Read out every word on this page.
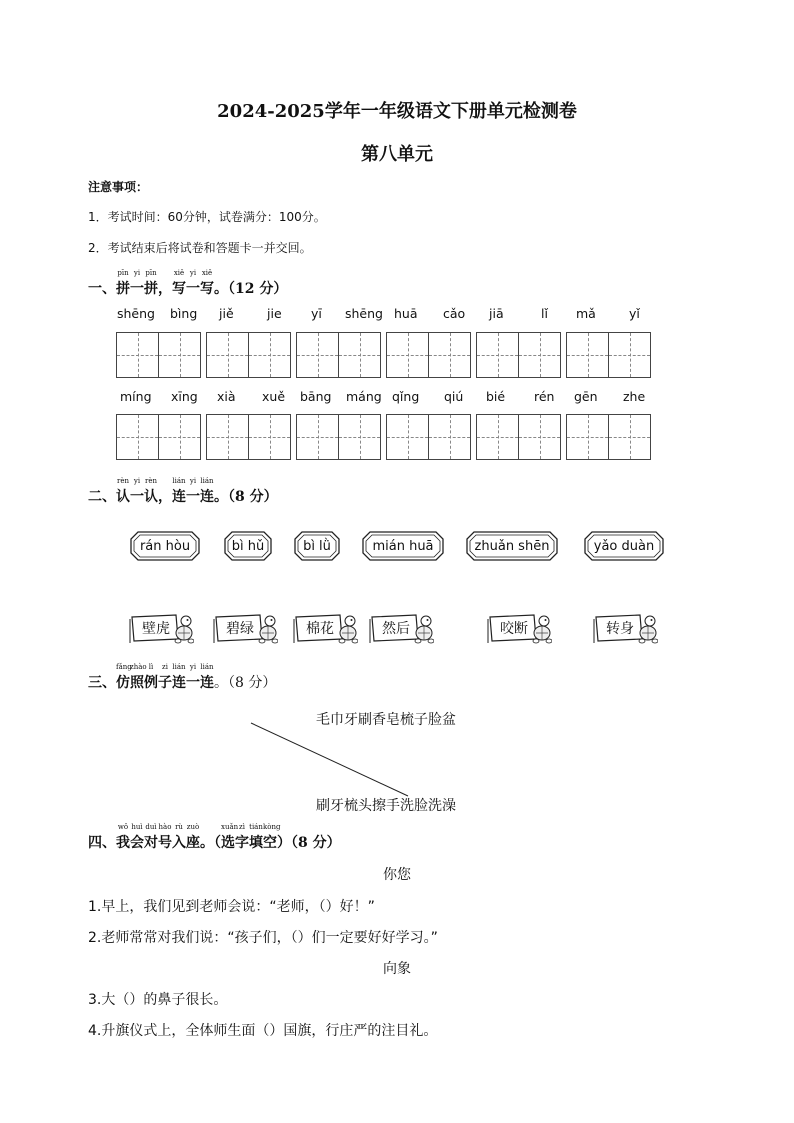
2024-2025学年一年级语文下册单元检测卷
第八单元
注意事项：
1．考试时间：60分钟，试卷满分：100分。
2．考试结束后将试卷和答题卡一并交回。
一、拼
pīn
一
yi
拼
pīn
，写
xiě
一
yi
写
xiě
。（12 分）
二、认
rèn
一
yi
认
rèn
，连
lián
一
yi
连
lián
。（8 分）
rán hòu	bì hǔ	bì lǜ	mián huā	zhuǎn shēn	yǎo duàn
壁虎	碧绿	棉花	然后	咬断	转身
三、仿
fǎng
照
zhào
例
lì
子
zi
连
lián
一
yi
连
lián
。（8 分）
毛巾牙刷香皂梳子脸盆
刷牙梳头擦手洗脸洗澡
四、我
wǒ
会
huì
对
duì
号
hào
入
rù
座
zuò
。（选
xuǎn
字
zì
填
tián
空
kòng
）（8 分）
你您
1.早上，我们见到老师会说：“老师，（）好！”
2.老师常常对我们说：“孩子们，（）们一定要好好学习。”
向象
3.大（）的鼻子很长。
4.升旗仪式上，全体师生面（）国旗，行庄严的注目礼。
shēng bìng jiě	jie yī shēng huā cǎo jiā	lǐ mǎ	yǐ
míng xīng xià xuě bāng máng qǐng qiú bié rén gēn zhe
